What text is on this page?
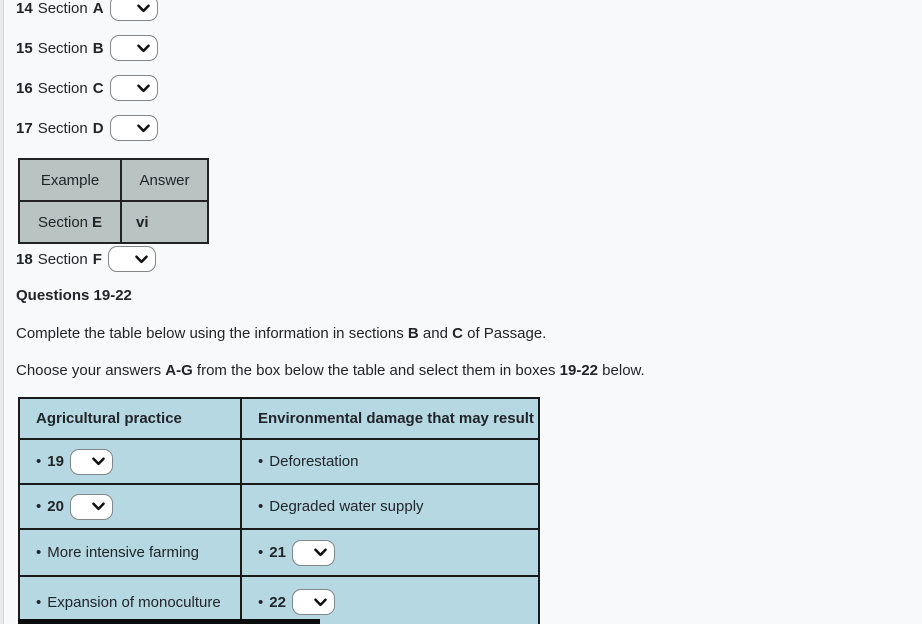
14 Section A
15 Section B
16 Section C
17 Section D
Example	Answer
Section E	vi
18 Section F
Questions 19-22
Complete the table below using the information in sections B and C of Passage.
Choose your answers A-G from the box below the table and select them in boxes 19-22 below.
Agricultural practice	Environmental damage that may result
• 19	• Deforestation
• 20	• Degraded water supply
• More intensive farming	• 21
• Expansion of monoculture • 22
